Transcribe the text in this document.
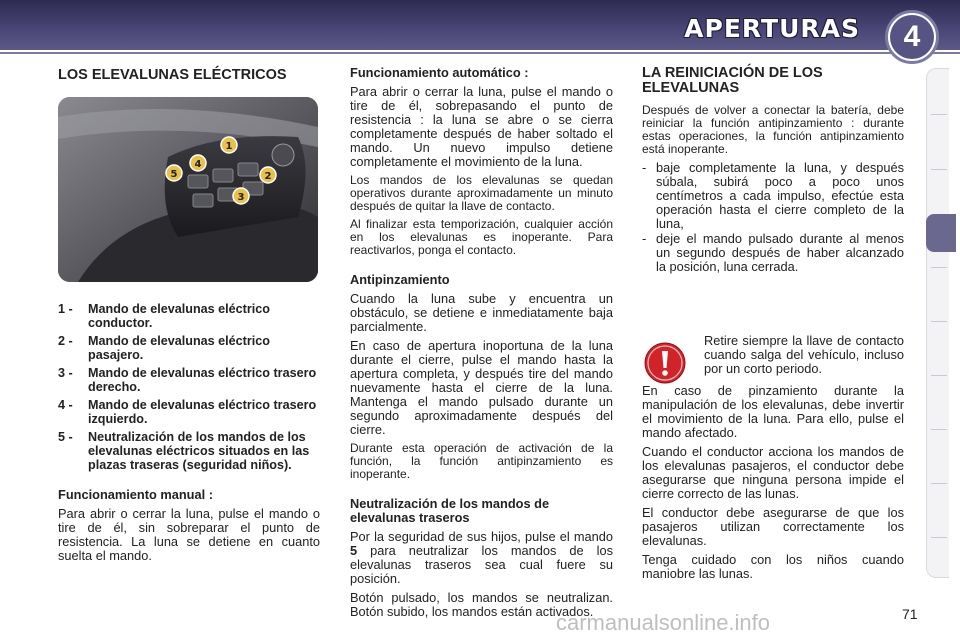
APERTURAS	4
LOS ELEVALUNAS ELÉCTRICOS
1
2
3
4
5
1 -	Mando de elevalunas eléctrico conductor.
2 -	Mando de elevalunas eléctrico pasajero.
3 -	Mando de elevalunas eléctrico trasero derecho.
4 -	Mando de elevalunas eléctrico trasero izquierdo.
5 -	Neutralización de los mandos de los elevalunas eléctricos situados en las plazas traseras (seguridad niños).
Funcionamiento manual :

Para abrir o cerrar la luna, pulse el mando o tire de él, sin sobreparar el punto de resistencia. La luna se detiene en cuanto suelta el mando.

Funcionamiento automático :

Para abrir o cerrar la luna, pulse el mando o tire de él, sobrepasando el punto de resistencia : la luna se abre o se cierra completamente después de haber soltado el mando. Un nuevo impulso detiene completamente el movimiento de la luna.

Los mandos de los elevalunas se quedan operativos durante aproximadamente un minuto después de quitar la llave de contacto.

Al finalizar esta temporización, cualquier acción en los elevalunas es inoperante. Para reactivarlos, ponga el contacto.

Antipinzamiento

Cuando la luna sube y encuentra un obstáculo, se detiene e inmediatamente baja parcialmente.

En caso de apertura inoportuna de la luna durante el cierre, pulse el mando hasta la apertura completa, y después tire del mando nuevamente hasta el cierre de la luna. Mantenga el mando pulsado durante un segundo aproximadamente después del cierre.

Durante esta operación de activación de la función, la función antipinzamiento es inoperante.

Neutralización de los mandos de elevalunas traseros

Por la seguridad de sus hijos, pulse el mando 5 para neutralizar los mandos de los elevalunas traseros sea cual fuere su posición.

Botón pulsado, los mandos se neutralizan. Botón subido, los mandos están activados.

LA REINICIACIÓN DE LOS ELEVALUNAS

Después de volver a conectar la batería, debe reiniciar la función antipinzamiento : durante estas operaciones, la función antipinzamiento está inoperante.

- baje completamente la luna, y después súbala, subirá poco a poco unos centímetros a cada impulso, efectúe esta operación hasta el cierre completo de la luna,
- deje el mando pulsado durante al menos un segundo después de haber alcanzado la posición, luna cerrada.

Retire siempre la llave de contacto cuando salga del vehículo, incluso por un corto periodo.

En caso de pinzamiento durante la manipulación de los elevalunas, debe invertir el movimiento de la luna. Para ello, pulse el mando afectado.

Cuando el conductor acciona los mandos de los elevalunas pasajeros, el conductor debe asegurarse que ninguna persona impide el cierre correcto de las lunas.

El conductor debe asegurarse de que los pasajeros utilizan correctamente los elevalunas.

Tenga cuidado con los niños cuando maniobre las lunas.

carmanualsonline.info	71
